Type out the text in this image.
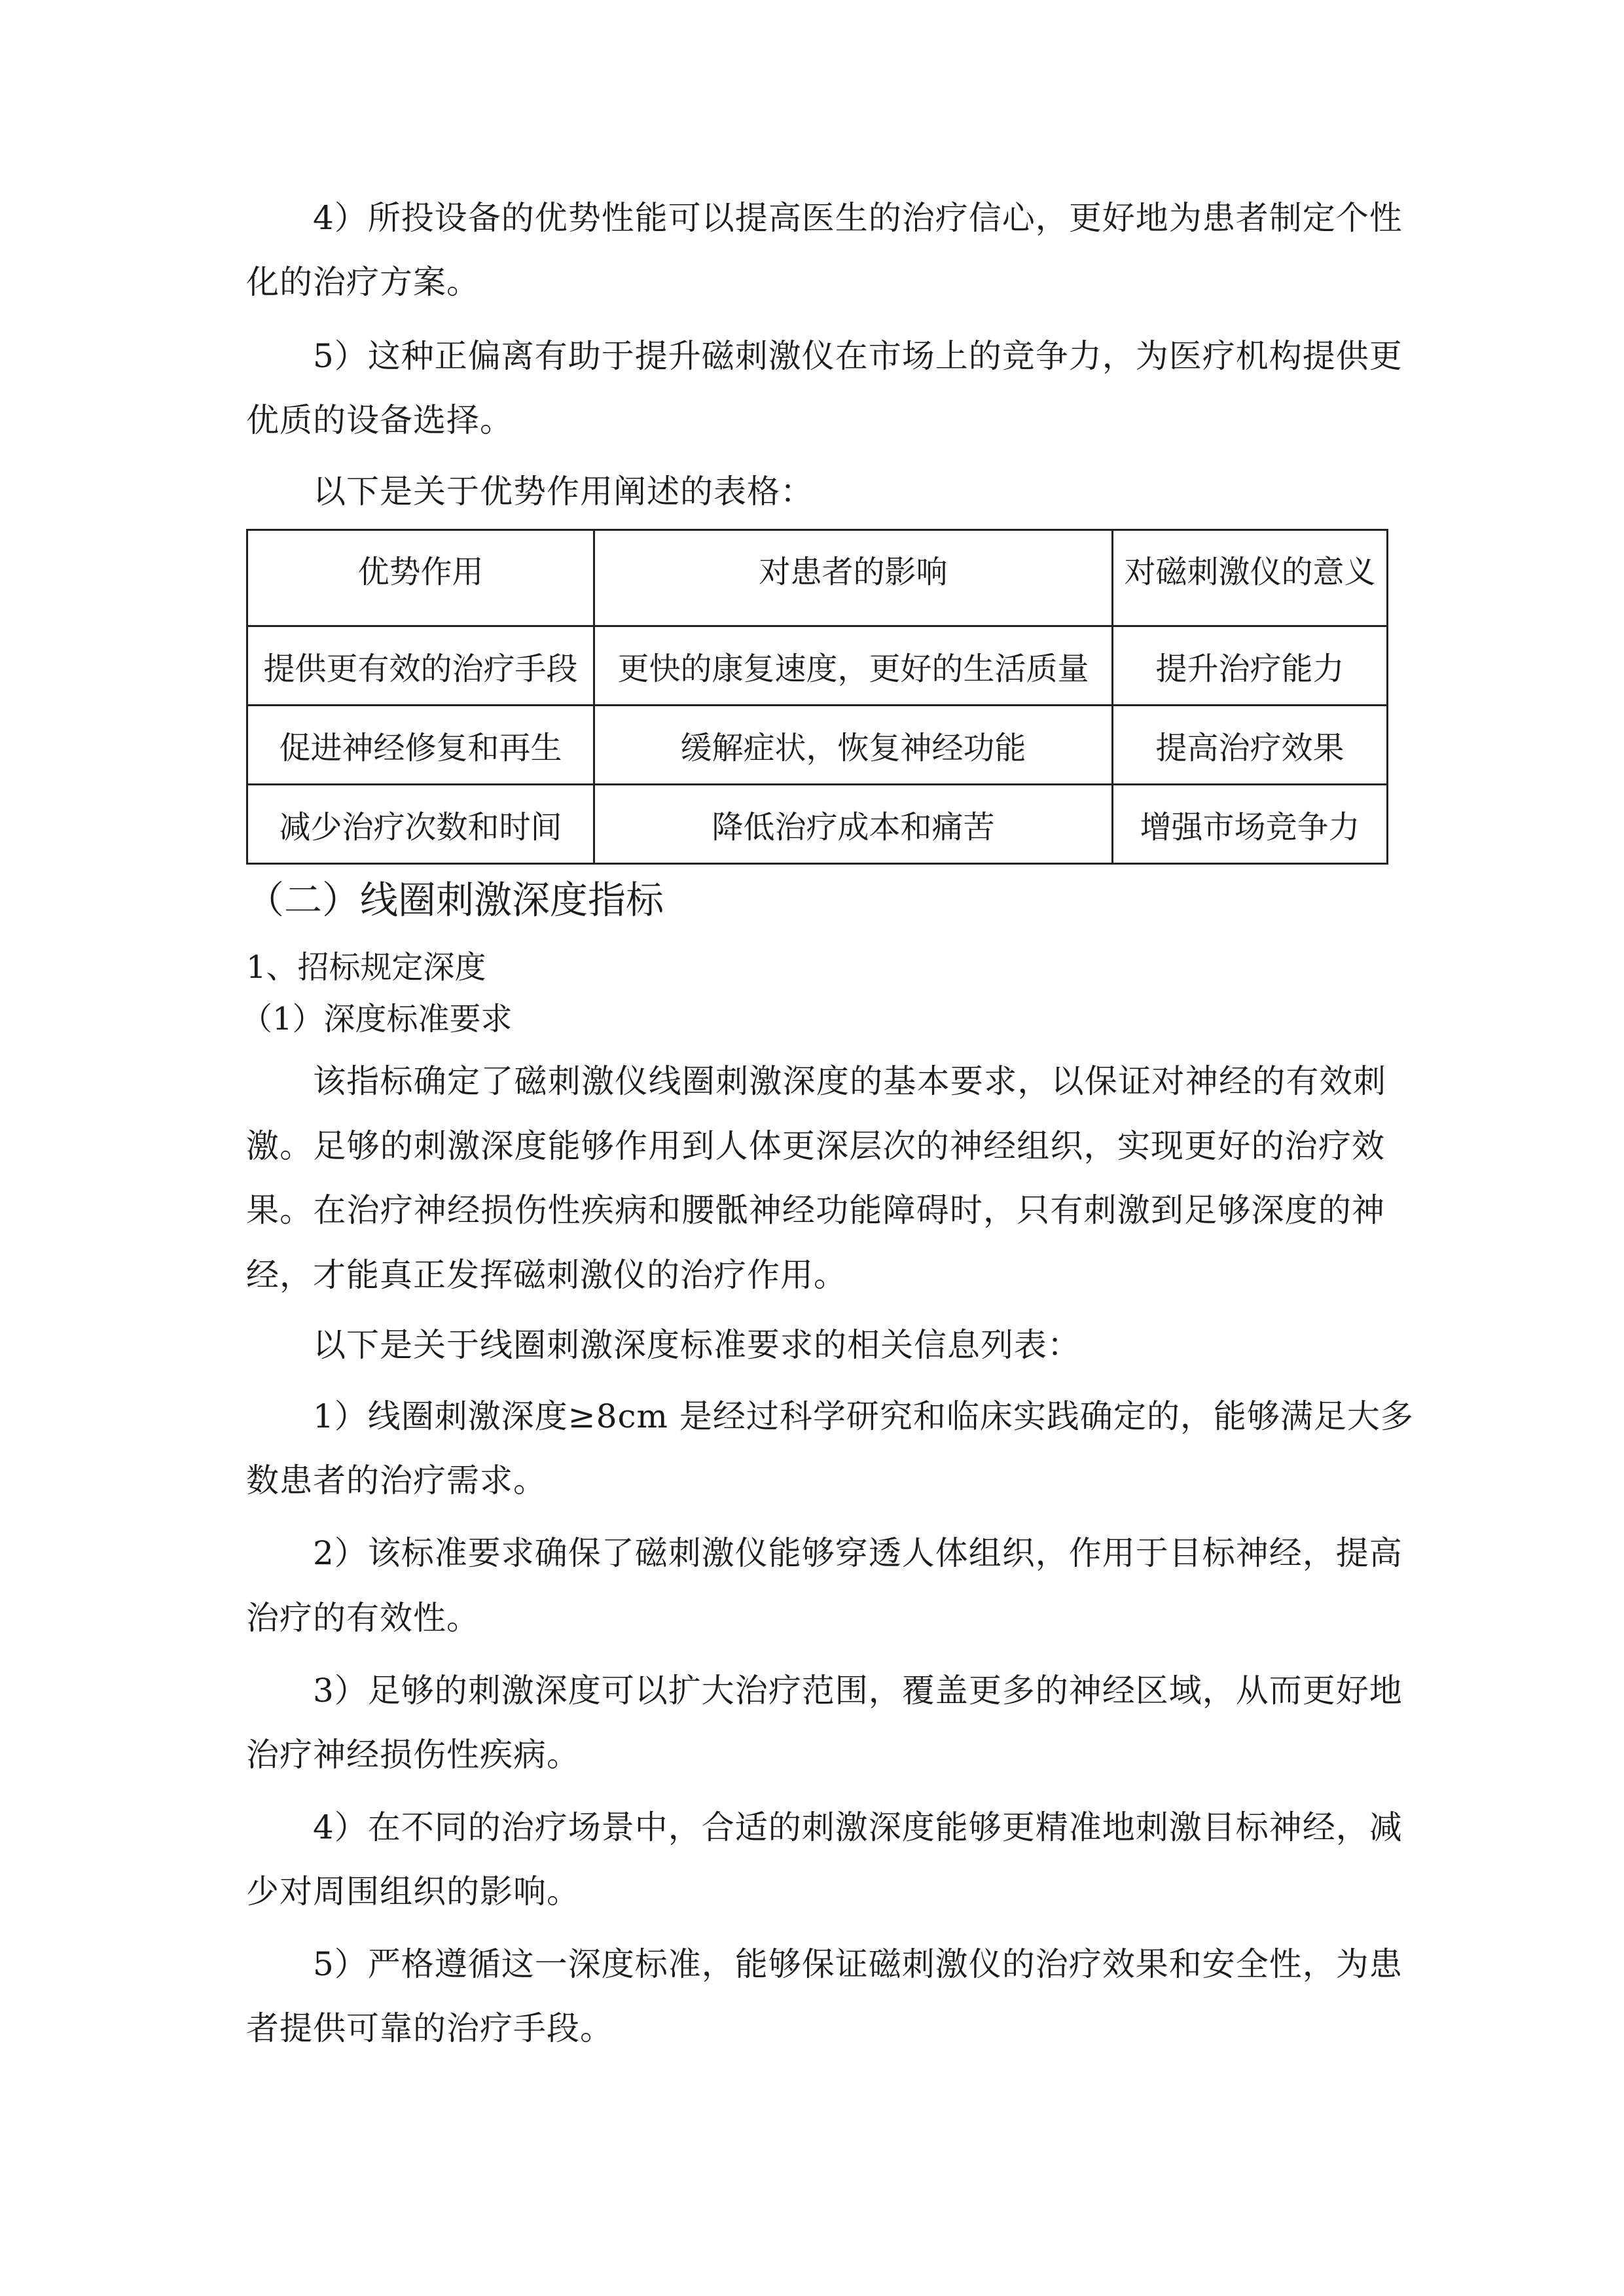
4）所投设备的优势性能可以提高医生的治疗信心，更好地为患者制定个性
化的治疗方案。
5）这种正偏离有助于提升磁刺激仪在市场上的竞争力，为医疗机构提供更
优质的设备选择。
以下是关于优势作用阐述的表格：
优势作用	对患者的影响	对磁刺激仪的意义
提供更有效的治疗手段	更快的康复速度，更好的生活质量	提升治疗能力
促进神经修复和再生	缓解症状，恢复神经功能	提高治疗效果
减少治疗次数和时间	降低治疗成本和痛苦	增强市场竞争力
（二）线圈刺激深度指标
1、招标规定深度
（1）深度标准要求
该指标确定了磁刺激仪线圈刺激深度的基本要求，以保证对神经的有效刺
激。足够的刺激深度能够作用到人体更深层次的神经组织，实现更好的治疗效
果。在治疗神经损伤性疾病和腰骶神经功能障碍时，只有刺激到足够深度的神
经，才能真正发挥磁刺激仪的治疗作用。
以下是关于线圈刺激深度标准要求的相关信息列表：
1）线圈刺激深度≥8cm 是经过科学研究和临床实践确定的，能够满足大多
数患者的治疗需求。
2）该标准要求确保了磁刺激仪能够穿透人体组织，作用于目标神经，提高
治疗的有效性。
3）足够的刺激深度可以扩大治疗范围，覆盖更多的神经区域，从而更好地
治疗神经损伤性疾病。
4）在不同的治疗场景中，合适的刺激深度能够更精准地刺激目标神经，减
少对周围组织的影响。
5）严格遵循这一深度标准，能够保证磁刺激仪的治疗效果和安全性，为患
者提供可靠的治疗手段。
